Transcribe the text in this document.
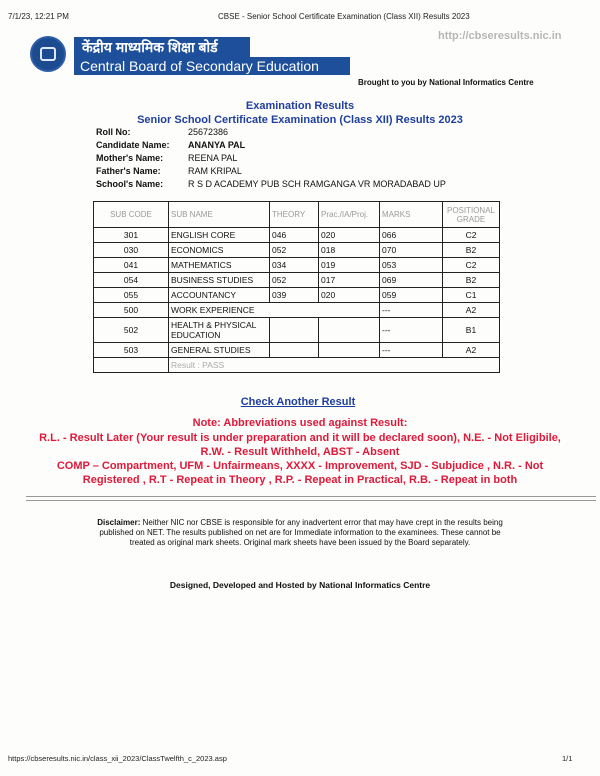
7/1/23, 12:21 PM	CBSE - Senior School Certificate Examination (Class XII) Results 2023
http://cbseresults.nic.in
केंद्रीय माध्यमिक शिक्षा बोर्ड
Central Board of Secondary Education
Brought to you by National Informatics Centre
Examination Results
Senior School Certificate Examination (Class XII) Results 2023
Roll No:	25672386
Candidate Name: ANANYA PAL
Mother's Name:	REENA PAL
Father's Name:	RAM KRIPAL
School's Name:	R S D ACADEMY PUB SCH RAMGANGA VR MORADABAD UP
SUB CODE	SUB NAME	THEORY	Prac./IA/Proj.	MARKS	POSITIONAL GRADE
301	ENGLISH CORE	046	020	066	C2
030	ECONOMICS	052	018	070	B2
041	MATHEMATICS	034	019	053	C2
054	BUSINESS STUDIES	052	017	069	B2
055	ACCOUNTANCY	039	020	059	C1
500	WORK EXPERIENCE			---	A2
502	HEALTH & PHYSICAL EDUCATION			---	B1
503	GENERAL STUDIES			---	A2
	Result : PASS				
Check Another Result
Note: Abbreviations used against Result:
R.L. - Result Later (Your result is under preparation and it will be declared soon), N.E. - Not Eligibile,
R.W. - Result Withheld, ABST - Absent
COMP – Compartment, UFM - Unfairmeans, XXXX - Improvement, SJD - Subjudice , N.R. - Not
Registered , R.T - Repeat in Theory , R.P. - Repeat in Practical, R.B. - Repeat in both
Disclaimer: Neither NIC nor CBSE is responsible for any inadvertent error that may have crept in the results being published on NET. The results published on net are for Immediate information to the examinees. These cannot be treated as original mark sheets. Original mark sheets have been issued by the Board separately.
Designed, Developed and Hosted by National Informatics Centre
https://cbseresults.nic.in/class_xii_2023/ClassTwelfth_c_2023.asp	1/1
